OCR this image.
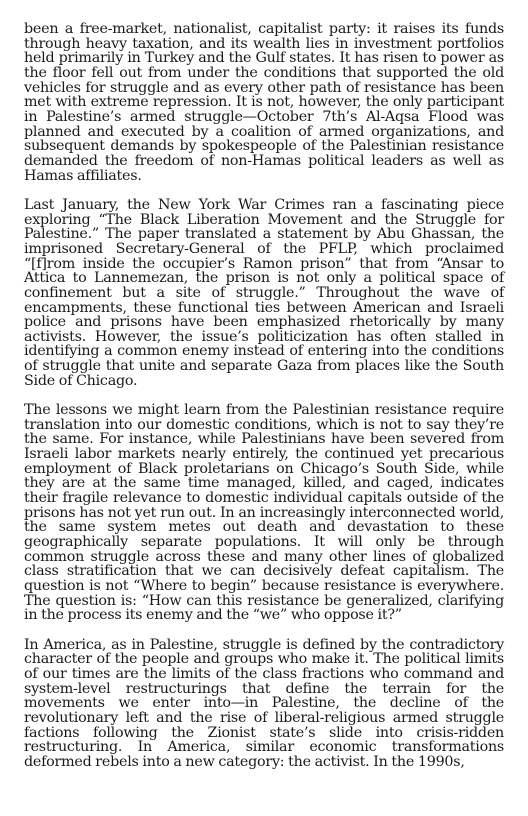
been a free-market, nationalist, capitalist party: it raises its funds through heavy taxation, and its wealth lies in investment portfolios held primarily in Turkey and the Gulf states. It has risen to power as the floor fell out from under the conditions that supported the old vehicles for struggle and as every other path of resistance has been met with extreme repression. It is not, however, the only participant in Palestine’s armed struggle—October 7th’s Al-Aqsa Flood was planned and executed by a coalition of armed organizations, and subsequent demands by spokespeople of the Palestinian resistance demanded the freedom of non-Hamas political leaders as well as Hamas affiliates.

Last January, the New York War Crimes ran a fascinating piece exploring “The Black Liberation Movement and the Struggle for Palestine.” The paper translated a statement by Abu Ghassan, the imprisoned Secretary-General of the PFLP, which proclaimed “[f]rom inside the occupier’s Ramon prison” that from “Ansar to Attica to Lannemezan, the prison is not only a political space of confinement but a site of struggle.” Throughout the wave of encampments, these functional ties between American and Israeli police and prisons have been emphasized rhetorically by many activists. However, the issue’s politicization has often stalled in identifying a common enemy instead of entering into the conditions of struggle that unite and separate Gaza from places like the South Side of Chicago.

The lessons we might learn from the Palestinian resistance require translation into our domestic conditions, which is not to say they’re the same. For instance, while Palestinians have been severed from Israeli labor markets nearly entirely, the continued yet precarious employment of Black proletarians on Chicago’s South Side, while they are at the same time managed, killed, and caged, indicates their fragile relevance to domestic individual capitals outside of the prisons has not yet run out. In an increasingly interconnected world, the same system metes out death and devastation to these geographically separate populations. It will only be through common struggle across these and many other lines of globalized class stratification that we can decisively defeat capitalism. The question is not “Where to begin” because resistance is everywhere. The question is: “How can this resistance be generalized, clarifying in the process its enemy and the “we” who oppose it?”

In America, as in Palestine, struggle is defined by the contradictory character of the people and groups who make it. The political limits of our times are the limits of the class fractions who command and system-level restructurings that define the terrain for the movements we enter into—in Palestine, the decline of the revolutionary left and the rise of liberal-religious armed struggle factions following the Zionist state’s slide into crisis-ridden restructuring. In America, similar economic transformations deformed rebels into a new category: the activist. In the 1990s,
